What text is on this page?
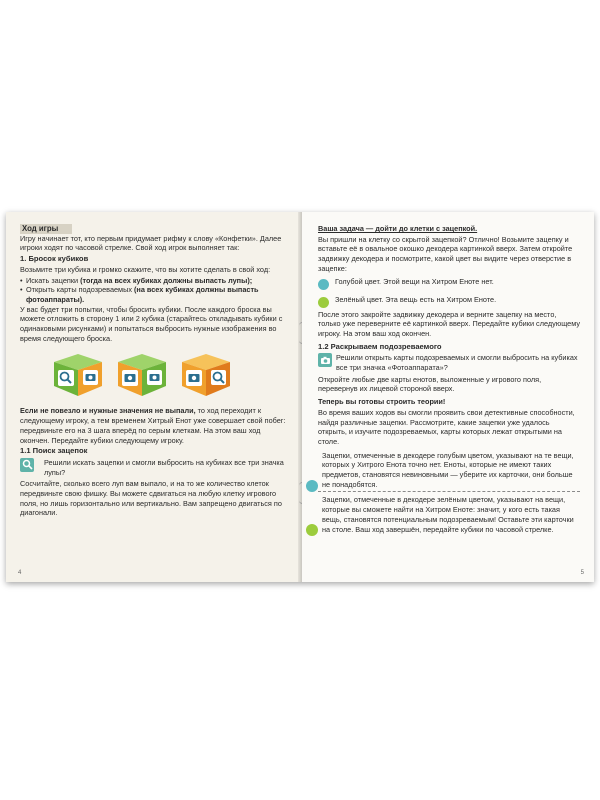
Ход игры

Игру начинает тот, кто первым придумает рифму к слову «Конфетки». Далее игроки ходят по часовой стрелке. Свой ход игрок выполняет так:

1. Бросок кубиков

Возьмите три кубика и громко скажите, что вы хотите сделать в свой ход:

• Искать зацепки (тогда на всех кубиках должны выпасть лупы);
• Открыть карты подозреваемых (на всех кубиках должны выпасть фотоаппараты).

У вас будет три попытки, чтобы бросить кубики. После каждого броска вы можете отложить в сторону 1 или 2 кубика (старайтесь откладывать кубики с одинаковыми рисунками) и попытаться выбросить нужные изображения во время следующего броска.

Если не повезло и нужные значения не выпали, то ход переходит к следующему игроку, а тем временем Хитрый Енот уже совершает свой побег: передвиньте его на 3 шага вперёд по серым клеткам. На этом ваш ход окончен. Передайте кубики следующему игроку.

1.1 Поиск зацепок

Решили искать зацепки и смогли выбросить на кубиках все три значка лупы?

Сосчитайте, сколько всего луп вам выпало, и на то же количество клеток передвиньте свою фишку. Вы можете сдвигаться на любую клетку игрового поля, но лишь горизонтально или вертикально. Вам запрещено двигаться по диагонали.

4

Ваша задача — дойти до клетки с зацепкой.

Вы пришли на клетку со скрытой зацепкой? Отлично! Возьмите зацепку и вставьте её в овальное окошко декодера картинкой вверх. Затем откройте задвижку декодера и посмотрите, какой цвет вы видите через отверстие в зацепке:

Голубой цвет. Этой вещи на Хитром Еноте нет.
Зелёный цвет. Эта вещь есть на Хитром Еноте.

После этого закройте задвижку декодера и верните зацепку на место, только уже переверните её картинкой вверх. Передайте кубики следующему игроку. На этом ваш ход окончен.

1.2 Раскрываем подозреваемого

Решили открыть карты подозреваемых и смогли выбросить на кубиках все три значка «Фотоаппарата»?

Откройте любые две карты енотов, выложенные у игрового поля, перевернув их лицевой стороной вверх.

Теперь вы готовы строить теории!

Во время ваших ходов вы смогли проявить свои детективные способности, найдя различные зацепки. Рассмотрите, какие зацепки уже удалось открыть, и изучите подозреваемых, карты которых лежат открытыми на столе.

Зацепки, отмеченные в декодере голубым цветом, указывают на те вещи, которых у Хитрого Енота точно нет. Еноты, которые не имеют таких предметов, становятся невиновными — уберите их карточки, они больше не понадобятся.
Зацепки, отмеченные в декодере зелёным цветом, указывают на вещи, которые вы сможете найти на Хитром Еноте: значит, у кого есть такая вещь, становятся потенциальным подозреваемым! Оставьте эти карточки на столе. Ваш ход завершён, передайте кубики по часовой стрелке.
5
